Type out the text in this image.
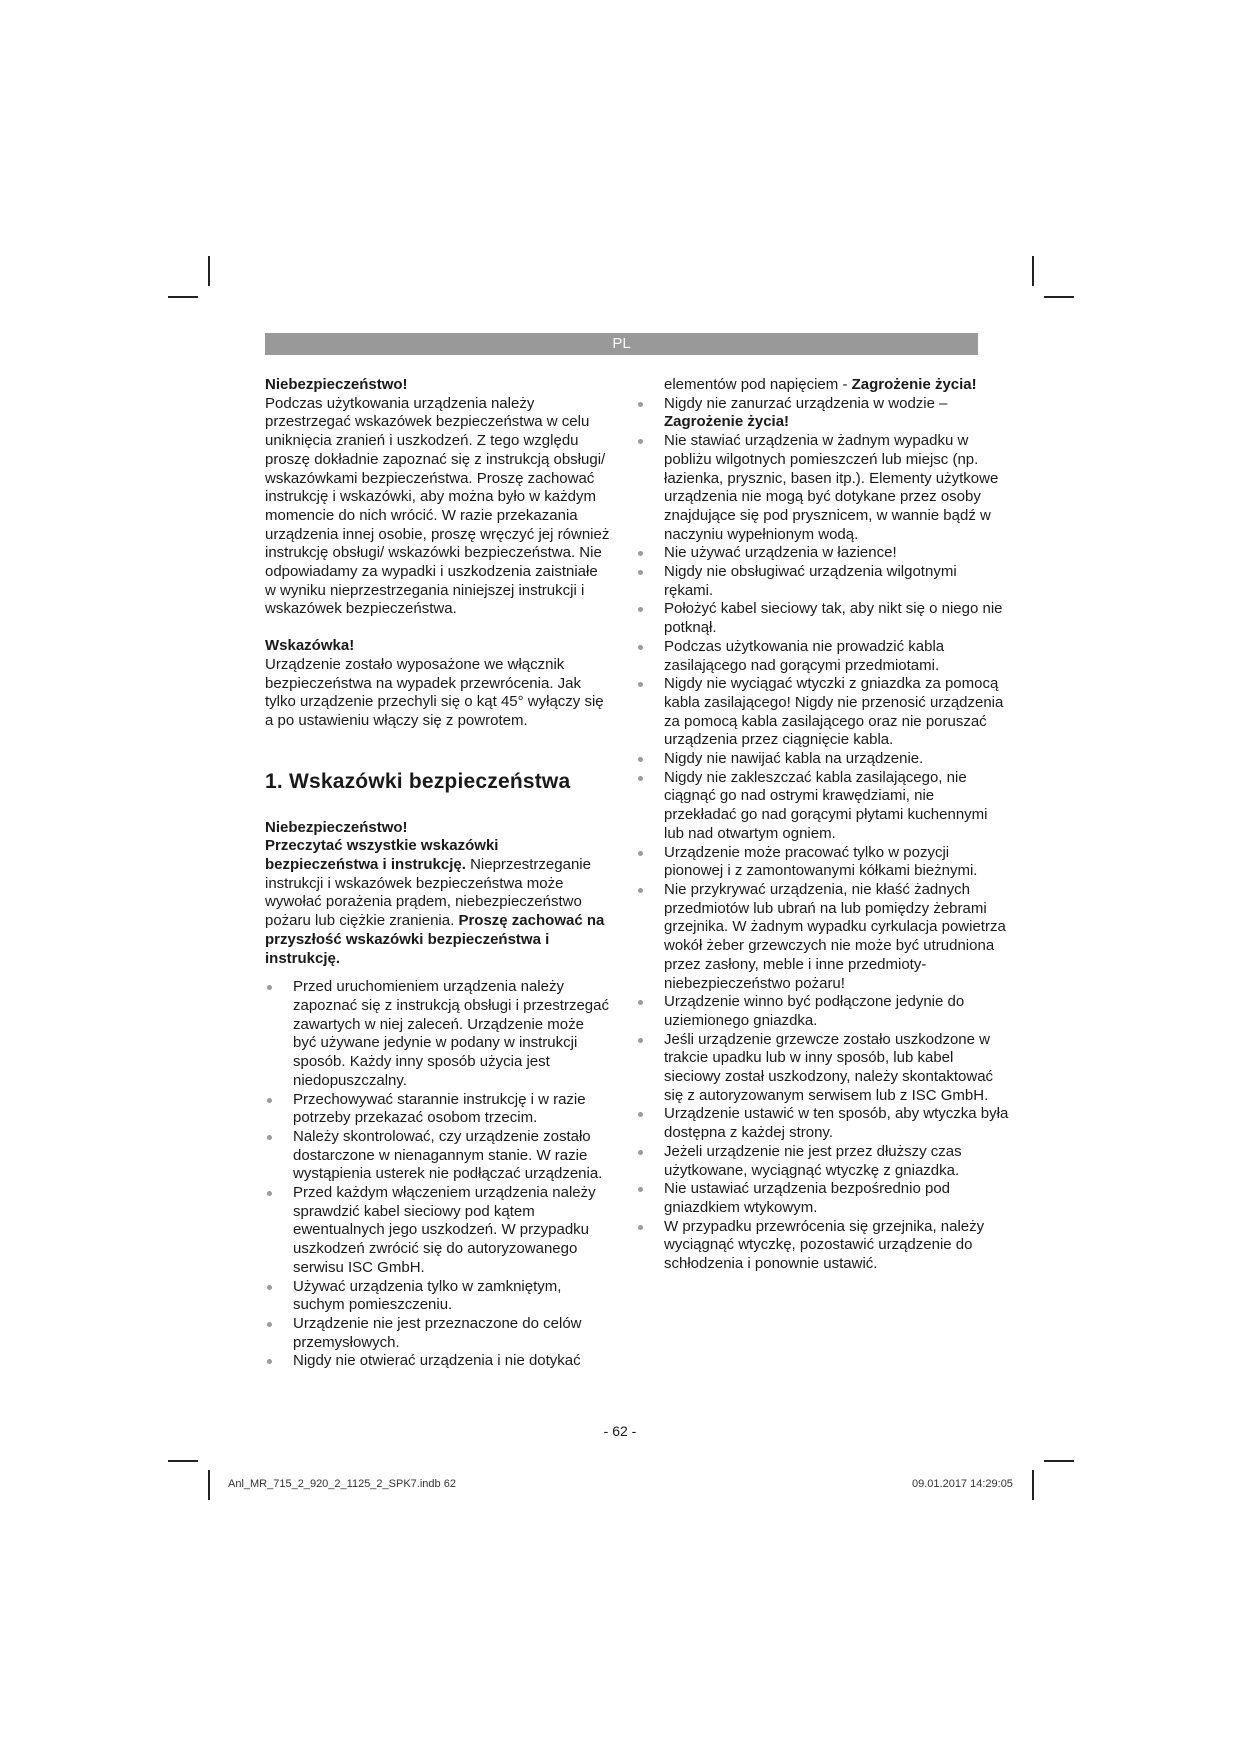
PL

Niebezpieczeństwo!

Podczas użytkowania urządzenia należy przestrzegać wskazówek bezpieczeństwa w celu uniknięcia zranień i uszkodzeń. Z tego względu proszę dokładnie zapoznać się z instrukcją obsługi/ wskazówkami bezpieczeństwa. Proszę zachować instrukcję i wskazówki, aby można było w każdym momencie do nich wrócić. W razie przekazania urządzenia innej osobie, proszę wręczyć jej również instrukcję obsługi/ wskazówki bezpieczeństwa. Nie odpowiadamy za wypadki i uszkodzenia zaistniałe w wyniku nieprzestrzegania niniejszej instrukcji i wskazówek bezpieczeństwa.

Wskazówka!

Urządzenie zostało wyposażone we włącznik bezpieczeństwa na wypadek przewrócenia. Jak tylko urządzenie przechyli się o kąt 45° wyłączy się a po ustawieniu włączy się z powrotem.

1. Wskazówki bezpieczeństwa

Niebezpieczeństwo!

Przeczytać wszystkie wskazówki bezpieczeństwa i instrukcję. Nieprzestrzeganie instrukcji i wskazówek bezpieczeństwa może wywołać porażenia prądem, niebezpieczeństwo pożaru lub ciężkie zranienia. Proszę zachować na przyszłość wskazówki bezpieczeństwa i instrukcję.

Przed uruchomieniem urządzenia należy zapoznać się z instrukcją obsługi i przestrzegać zawartych w niej zaleceń. Urządzenie może być używane jedynie w podany w instrukcji sposób. Każdy inny sposób użycia jest niedopuszczalny.
Przechowywać starannie instrukcję i w razie potrzeby przekazać osobom trzecim.
Należy skontrolować, czy urządzenie zostało dostarczone w nienagannym stanie. W razie wystąpienia usterek nie podłączać urządzenia.
Przed każdym włączeniem urządzenia należy sprawdzić kabel sieciowy pod kątem ewentualnych jego uszkodzeń. W przypadku uszkodzeń zwrócić się do autoryzowanego serwisu ISC GmbH.
Używać urządzenia tylko w zamkniętym, suchym pomieszczeniu.
Urządzenie nie jest przeznaczone do celów przemysłowych.
Nigdy nie otwierać urządzenia i nie dotykać

elementów pod napięciem - Zagrożenie życia!

Nigdy nie zanurzać urządzenia w wodzie – Zagrożenie życia!
Nie stawiać urządzenia w żadnym wypadku w pobliżu wilgotnych pomieszczeń lub miejsc (np. łazienka, prysznic, basen itp.). Elementy użytkowe urządzenia nie mogą być dotykane przez osoby znajdujące się pod prysznicem, w wannie bądź w naczyniu wypełnionym wodą.
Nie używać urządzenia w łazience!
Nigdy nie obsługiwać urządzenia wilgotnymi rękami.
Położyć kabel sieciowy tak, aby nikt się o niego nie potknął.
Podczas użytkowania nie prowadzić kabla zasilającego nad gorącymi przedmiotami.
Nigdy nie wyciągać wtyczki z gniazdka za pomocą kabla zasilającego! Nigdy nie przenosić urządzenia za pomocą kabla zasilającego oraz nie poruszać urządzenia przez ciągnięcie kabla.
Nigdy nie nawijać kabla na urządzenie.
Nigdy nie zakleszczać kabla zasilającego, nie ciągnąć go nad ostrymi krawędziami, nie przekładać go nad gorącymi płytami kuchennymi lub nad otwartym ogniem.
Urządzenie może pracować tylko w pozycji pionowej i z zamontowanymi kółkami bieżnymi.
Nie przykrywać urządzenia, nie kłaść żadnych przedmiotów lub ubrań na lub pomiędzy żebrami grzejnika. W żadnym wypadku cyrkulacja powietrza wokół żeber grzewczych nie może być utrudniona przez zasłony, meble i inne przedmioty- niebezpieczeństwo pożaru!
Urządzenie winno być podłączone jedynie do uziemionego gniazdka.
Jeśli urządzenie grzewcze zostało uszkodzone w trakcie upadku lub w inny sposób, lub kabel sieciowy został uszkodzony, należy skontaktować się z autoryzowanym serwisem lub z ISC GmbH.
Urządzenie ustawić w ten sposób, aby wtyczka była dostępna z każdej strony.
Jeżeli urządzenie nie jest przez dłuższy czas użytkowane, wyciągnąć wtyczkę z gniazdka.
Nie ustawiać urządzenia bezpośrednio pod gniazdkiem wtykowym.
W przypadku przewrócenia się grzejnika, należy wyciągnąć wtyczkę, pozostawić urządzenie do schłodzenia i ponownie ustawić.
- 62 -
Anl_MR_715_2_920_2_1125_2_SPK7.indb 62	09.01.2017 14:29:05
